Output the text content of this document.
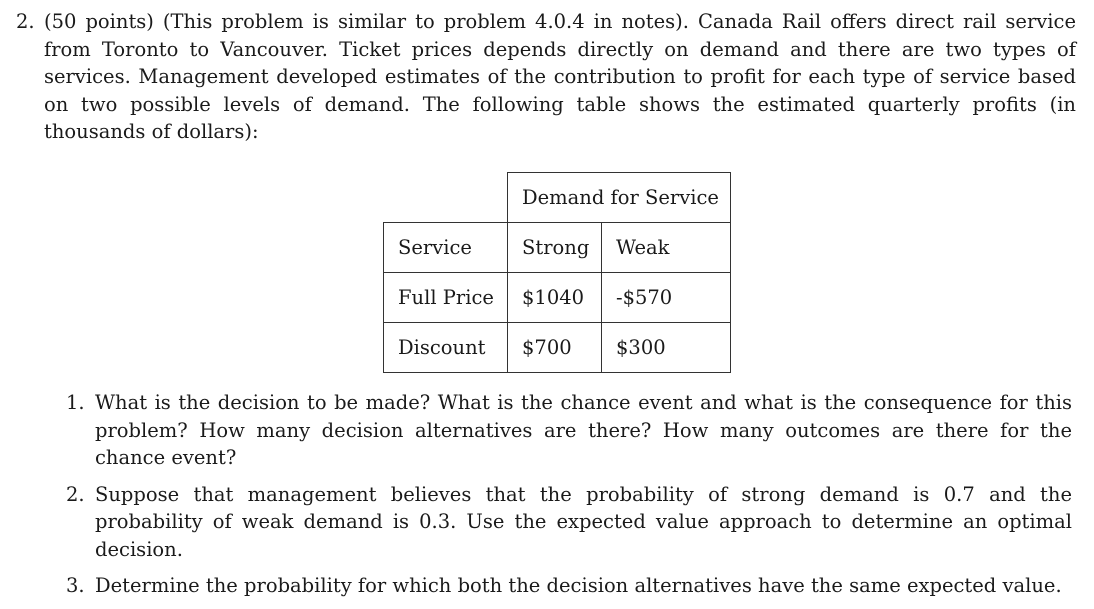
2. (50 points) (This problem is similar to problem 4.0.4 in notes). Canada Rail offers direct rail service from Toronto to Vancouver. Ticket prices depends directly on demand and there are two types of services. Management developed estimates of the contribution to profit for each type of service based on two possible levels of demand. The following table shows the estimated quarterly profits (in thousands of dollars):
	Demand for Service	
Service	Strong	Weak
Full Price	$1040	-$570
Discount	$700	$300
1. What is the decision to be made? What is the chance event and what is the consequence for this problem? How many decision alternatives are there? How many outcomes are there for the chance event?
2. Suppose that management believes that the probability of strong demand is 0.7 and the probability of weak demand is 0.3. Use the expected value approach to determine an optimal decision.
3. Determine the probability for which both the decision alternatives have the same expected value.
